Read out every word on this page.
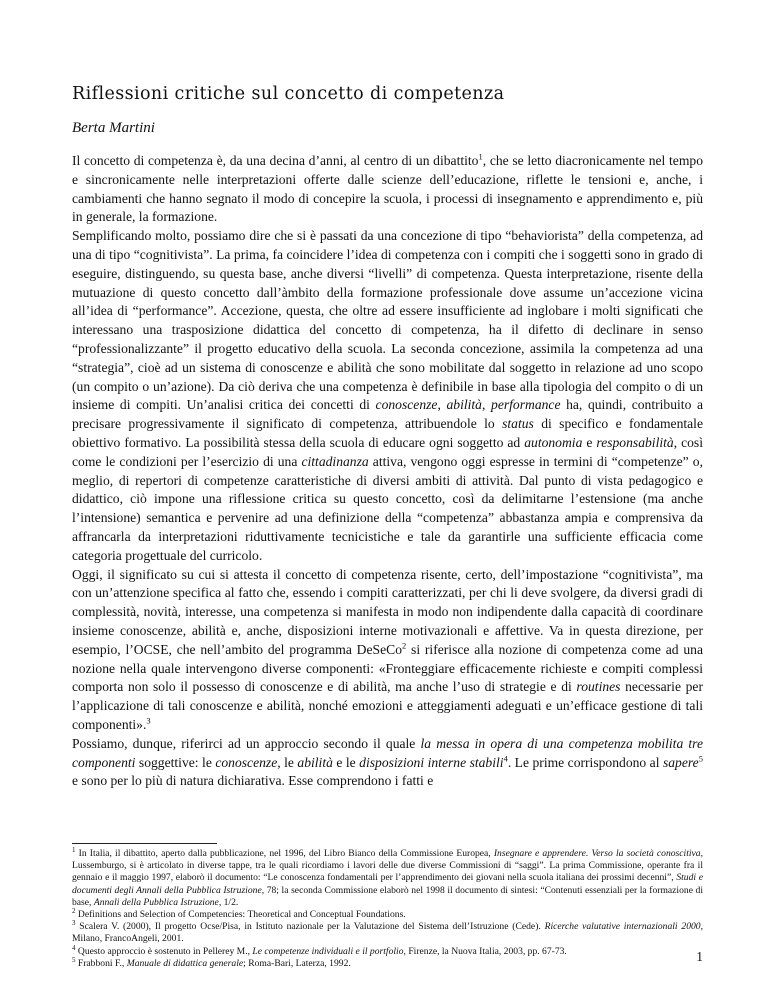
Riflessioni critiche sul concetto di competenza

Berta Martini

Il concetto di competenza è, da una decina d’anni, al centro di un dibattito$^1$, che se letto diacronicamente nel tempo e sincronicamente nelle interpretazioni offerte dalle scienze dell’educazione, riflette le tensioni e, anche, i cambiamenti che hanno segnato il modo di concepire la scuola, i processi di insegnamento e apprendimento e, più in generale, la formazione.

Semplificando molto, possiamo dire che si è passati da una concezione di tipo “behaviorista” della competenza, ad una di tipo “cognitivista”. La prima, fa coincidere l’idea di competenza con i compiti che i soggetti sono in grado di eseguire, distinguendo, su questa base, anche diversi “livelli” di competenza. Questa interpretazione, risente della mutuazione di questo concetto dall’àmbito della formazione professionale dove assume un’accezione vicina all’idea di “performance”. Accezione, questa, che oltre ad essere insufficiente ad inglobare i molti significati che interessano una trasposizione didattica del concetto di competenza, ha il difetto di declinare in senso “professionalizzante” il progetto educativo della scuola. La seconda concezione, assimila la competenza ad una “strategia”, cioè ad un sistema di conoscenze e abilità che sono mobilitate dal soggetto in relazione ad uno scopo (un compito o un’azione). Da ciò deriva che una competenza è definibile in base alla tipologia del compito o di un insieme di compiti. Un’analisi critica dei concetti di conoscenze, abilità, performance ha, quindi, contribuito a precisare progressivamente il significato di competenza, attribuendole lo status di specifico e fondamentale obiettivo formativo. La possibilità stessa della scuola di educare ogni soggetto ad autonomia e responsabilità, così come le condizioni per l’esercizio di una cittadinanza attiva, vengono oggi espresse in termini di “competenze” o, meglio, di repertori di competenze caratteristiche di diversi ambiti di attività. Dal punto di vista pedagogico e didattico, ciò impone una riflessione critica su questo concetto, così da delimitarne l’estensione (ma anche l’intensione) semantica e pervenire ad una definizione della “competenza” abbastanza ampia e comprensiva da affrancarla da interpretazioni riduttivamente tecnicistiche e tale da garantirle una sufficiente efficacia come categoria progettuale del curricolo.

Oggi, il significato su cui si attesta il concetto di competenza risente, certo, dell’impostazione “cognitivista”, ma con un’attenzione specifica al fatto che, essendo i compiti caratterizzati, per chi li deve svolgere, da diversi gradi di complessità, novità, interesse, una competenza si manifesta in modo non indipendente dalla capacità di coordinare insieme conoscenze, abilità e, anche, disposizioni interne motivazionali e affettive. Va in questa direzione, per esempio, l’OCSE, che nell’ambito del programma DeSeCo$^2$ si riferisce alla nozione di competenza come ad una nozione nella quale intervengono diverse componenti: «Fronteggiare efficacemente richieste e compiti complessi comporta non solo il possesso di conoscenze e di abilità, ma anche l’uso di strategie e di routines necessarie per l’applicazione di tali conoscenze e abilità, nonché emozioni e atteggiamenti adeguati e un’efficace gestione di tali componenti».$^3$

Possiamo, dunque, riferirci ad un approccio secondo il quale la messa in opera di una competenza mobilita tre componenti soggettive: le conoscenze, le abilità e le disposizioni interne stabili$^4$. Le prime corrispondono al sapere$^5$ e sono per lo più di natura dichiarativa. Esse comprendono i fatti e

$^1$ In Italia, il dibattito, aperto dalla pubblicazione, nel 1996, del Libro Bianco della Commissione Europea, Insegnare e apprendere. Verso la società conoscitiva, Lussemburgo, si è articolato in diverse tappe, tra le quali ricordiamo i lavori delle due diverse Commissioni di “saggi”. La prima Commissione, operante fra il gennaio e il maggio 1997, elaborò il documento: “Le conoscenza fondamentali per l’apprendimento dei giovani nella scuola italiana dei prossimi decenni”, Studi e documenti degli Annali della Pubblica Istruzione, 78; la seconda Commissione elaborò nel 1998 il documento di sintesi: “Contenuti essenziali per la formazione di base, Annali della Pubblica Istruzione, 1/2.

$^2$ Definitions and Selection of Competencies: Theoretical and Conceptual Foundations.

$^3$ Scalera V. (2000), Il progetto Ocse/Pisa, in Istituto nazionale per la Valutazione del Sistema dell’Istruzione (Cede). Ricerche valutative internazionali 2000, Milano, FrancoAngeli, 2001.

$^4$ Questo approccio è sostenuto in Pellerey M., Le competenze individuali e il portfolio, Firenze, la Nuova Italia, 2003, pp. 67-73.

$^5$ Frabboni F., Manuale di didattica generale; Roma-Bari, Laterza, 1992.	1
